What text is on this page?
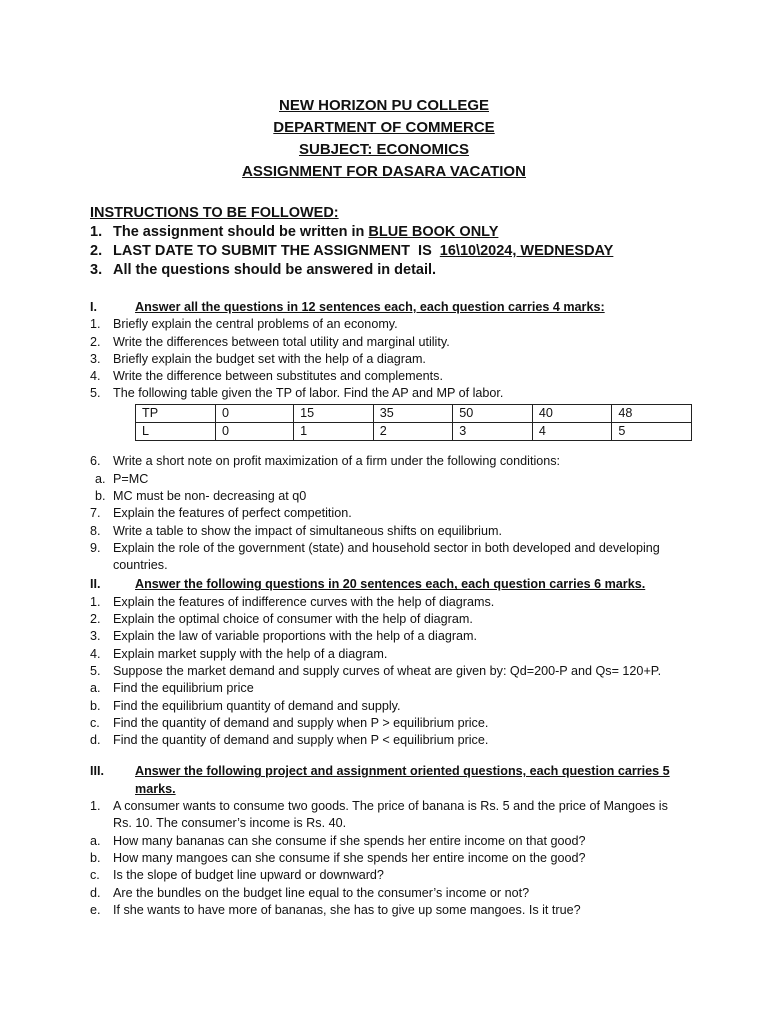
NEW HORIZON PU COLLEGE
DEPARTMENT OF COMMERCE
SUBJECT: ECONOMICS
ASSIGNMENT FOR DASARA VACATION
INSTRUCTIONS TO BE FOLLOWED:
1. The assignment should be written in BLUE BOOK ONLY
2. LAST DATE TO SUBMIT THE ASSIGNMENT  IS  16\10\2024, WEDNESDAY
3. All the questions should be answered in detail.
I.	Answer all the questions in 12 sentences each, each question carries 4 marks:
1. Briefly explain the central problems of an economy.
2. Write the differences between total utility and marginal utility.
3. Briefly explain the budget set with the help of a diagram.
4. Write the difference between substitutes and complements.
5. The following table given the TP of labor. Find the AP and MP of labor.
TP	0	15	35	50	40	48
L	0	1	2	3	4	5
6. Write a short note on profit maximization of a firm under the following conditions:
a. P=MC
b. MC must be non- decreasing at q0
7. Explain the features of perfect competition.
8. Write a table to show the impact of simultaneous shifts on equilibrium.
9. Explain the role of the government (state) and household sector in both developed and developing countries.
II.	Answer the following questions in 20 sentences each, each question carries 6 marks.
1. Explain the features of indifference curves with the help of diagrams.
2. Explain the optimal choice of consumer with the help of diagram.
3. Explain the law of variable proportions with the help of a diagram.
4. Explain market supply with the help of a diagram.
5. Suppose the market demand and supply curves of wheat are given by: Qd=200-P and Qs= 120+P.
a. Find the equilibrium price
b. Find the equilibrium quantity of demand and supply.
c.	Find the quantity of demand and supply when P > equilibrium price.
d. Find the quantity of demand and supply when P < equilibrium price.
III.	Answer the following project and assignment oriented questions, each question carries 5 marks.
1. A consumer wants to consume two goods. The price of banana is Rs. 5 and the price of Mangoes is Rs. 10. The consumer’s income is Rs. 40.
a. How many bananas can she consume if she spends her entire income on that good?
b. How many mangoes can she consume if she spends her entire income on the good?
c.	Is the slope of budget line upward or downward?
d. Are the bundles on the budget line equal to the consumer’s income or not?
e. If she wants to have more of bananas, she has to give up some mangoes. Is it true?
